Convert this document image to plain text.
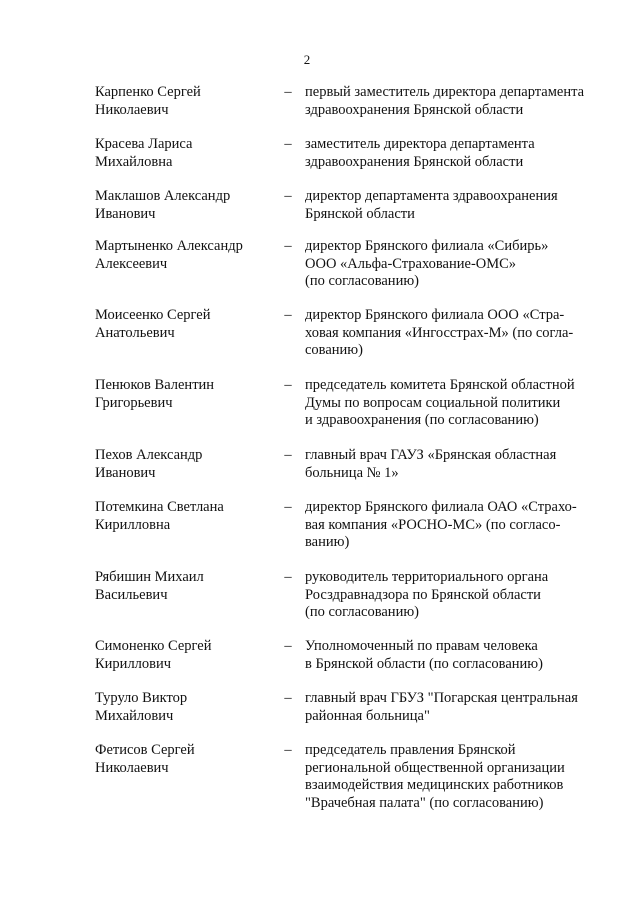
2
Карпенко Сергей
Николаевич
– первый заместитель директора департамента
здравоохранения Брянской области
Красева Лариса
Михайловна
– заместитель директора департамента
здравоохранения Брянской области
Маклашов Александр
Иванович
– директор департамента здравоохранения
Брянской области
Мартыненко Александр
Алексеевич
– директор Брянского филиала «Сибирь»
ООО «Альфа-Страхование-ОМС»
(по согласованию)
Моисеенко Сергей
Анатольевич
– директор Брянского филиала ООО «Стра-
ховая компания «Ингосстрах-М» (по согла-
сованию)
Пенюков Валентин
Григорьевич
– председатель комитета Брянской областной
Думы по вопросам социальной политики
и здравоохранения (по согласованию)
Пехов Александр
Иванович
– главный врач ГАУЗ «Брянская областная
больница № 1»
Потемкина Светлана
Кирилловна
– директор Брянского филиала ОАО «Страхо-
вая компания «РОСНО-МС» (по согласо-
ванию)
Рябишин Михаил
Васильевич
– руководитель территориального органа
Росздравнадзора по Брянской области
(по согласованию)
Симоненко Сергей
Кириллович
– Уполномоченный по правам человека
в Брянской области (по согласованию)
Туруло Виктор
Михайлович
– главный врач ГБУЗ "Погарская центральная
районная больница"
Фетисов Сергей
Николаевич
– председатель правления Брянской
региональной общественной организации
взаимодействия медицинских работников
"Врачебная палата" (по согласованию)
